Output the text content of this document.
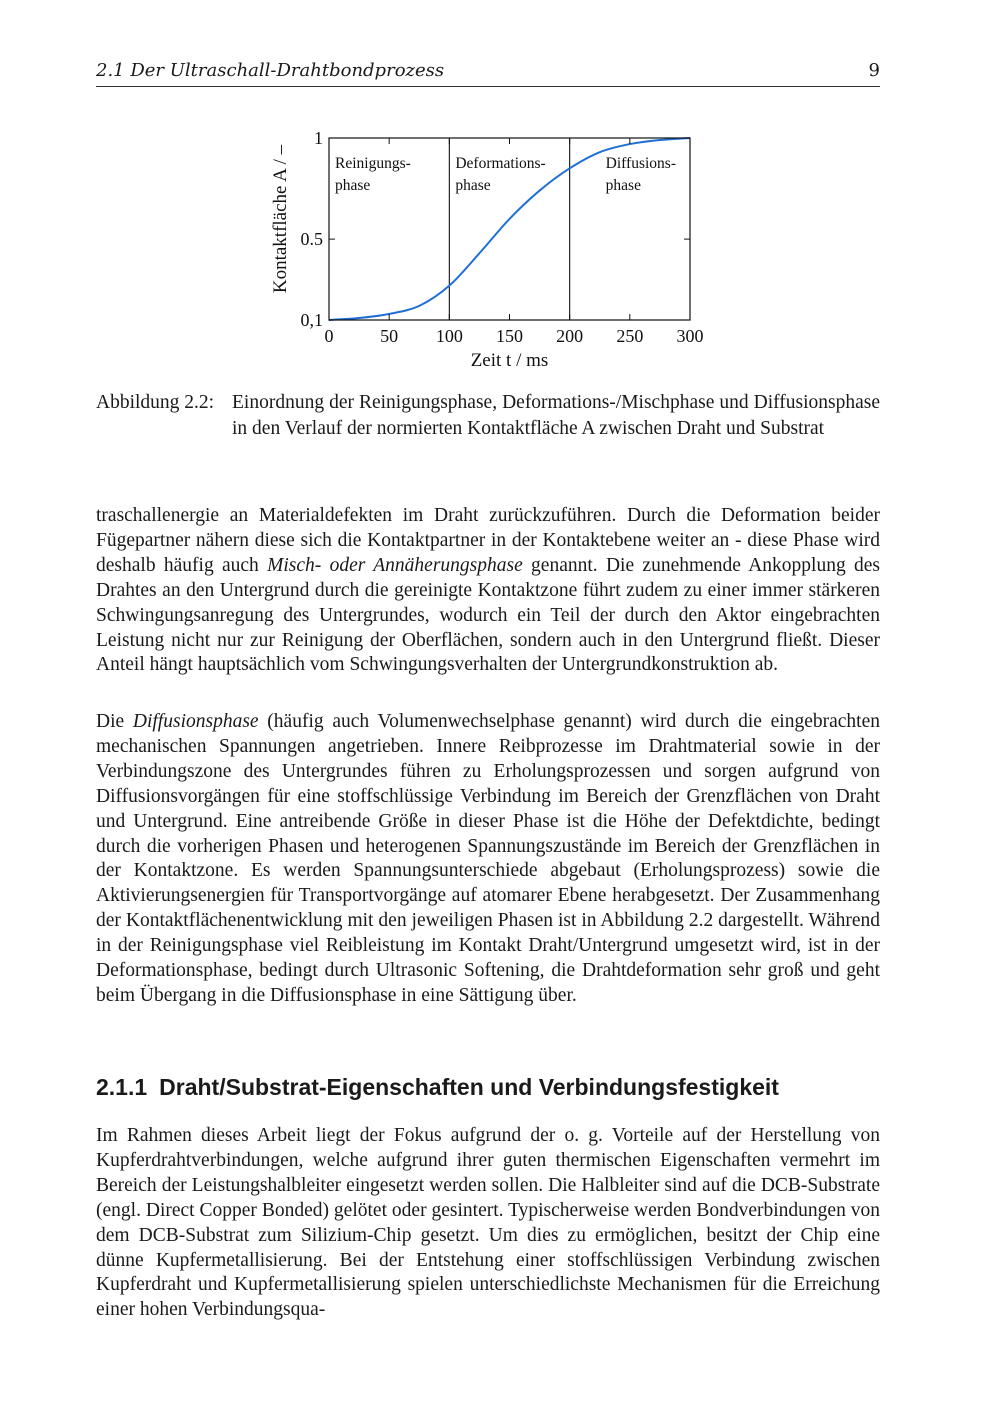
2.1 Der Ultraschall-Drahtbondprozess	9
Reinigungs-
phase
Deformations-
phase
Diffusions-
phase
0	50 100 150 200 250 300
0,1
0.5
1
Zeit t / ms
Kontaktfläche A / –
Abbildung 2.2: Einordnung der Reinigungsphase, Deformations-/Mischphase und Diffusionsphase in den Verlauf der normierten Kontaktfläche A zwischen Draht und Substrat

traschallenergie an Materialdefekten im Draht zurückzuführen. Durch die Deformation beider Fügepartner nähern diese sich die Kontaktpartner in der Kontaktebene weiter an - diese Phase wird deshalb häufig auch Misch- oder Annäherungsphase genannt. Die zunehmende Ankopplung des Drahtes an den Untergrund durch die gereinigte Kontaktzone führt zudem zu einer immer stärkeren Schwingungsanregung des Untergrundes, wodurch ein Teil der durch den Aktor eingebrachten Leistung nicht nur zur Reinigung der Oberflächen, sondern auch in den Untergrund fließt. Dieser Anteil hängt hauptsächlich vom Schwingungsverhalten der Untergrundkonstruktion ab.

Die Diffusionsphase (häufig auch Volumenwechselphase genannt) wird durch die eingebrachten mechanischen Spannungen angetrieben. Innere Reibprozesse im Drahtmaterial sowie in der Verbindungszone des Untergrundes führen zu Erholungsprozessen und sorgen aufgrund von Diffusionsvorgängen für eine stoffschlüssige Verbindung im Bereich der Grenzflächen von Draht und Untergrund. Eine antreibende Größe in dieser Phase ist die Höhe der Defektdichte, bedingt durch die vorherigen Phasen und heterogenen Spannungszustände im Bereich der Grenzflächen in der Kontaktzone. Es werden Spannungsunterschiede abgebaut (Erholungsprozess) sowie die Aktivierungsenergien für Transportvorgänge auf atomarer Ebene herabgesetzt. Der Zusammenhang der Kontaktflächenentwicklung mit den jeweiligen Phasen ist in Abbildung 2.2 dargestellt. Während in der Reinigungsphase viel Reibleistung im Kontakt Draht/Untergrund umgesetzt wird, ist in der Deformationsphase, bedingt durch Ultrasonic Softening, die Drahtdeformation sehr groß und geht beim Übergang in die Diffusionsphase in eine Sättigung über.

2.1.1 Draht/Substrat-Eigenschaften und Verbindungsfestigkeit

Im Rahmen dieses Arbeit liegt der Fokus aufgrund der o. g. Vorteile auf der Herstellung von Kupferdrahtverbindungen, welche aufgrund ihrer guten thermischen Eigenschaften vermehrt im Bereich der Leistungshalbleiter eingesetzt werden sollen. Die Halbleiter sind auf die DCB-Substrate (engl. Direct Copper Bonded) gelötet oder gesintert. Typischerweise werden Bondverbindungen von dem DCB-Substrat zum Silizium-Chip gesetzt. Um dies zu ermöglichen, besitzt der Chip eine dünne Kupfermetallisierung. Bei der Entstehung einer stoffschlüssigen Verbindung zwischen Kupferdraht und Kupfermetallisierung spielen unterschiedlichste Mechanismen für die Erreichung einer hohen Verbindungsqua-
